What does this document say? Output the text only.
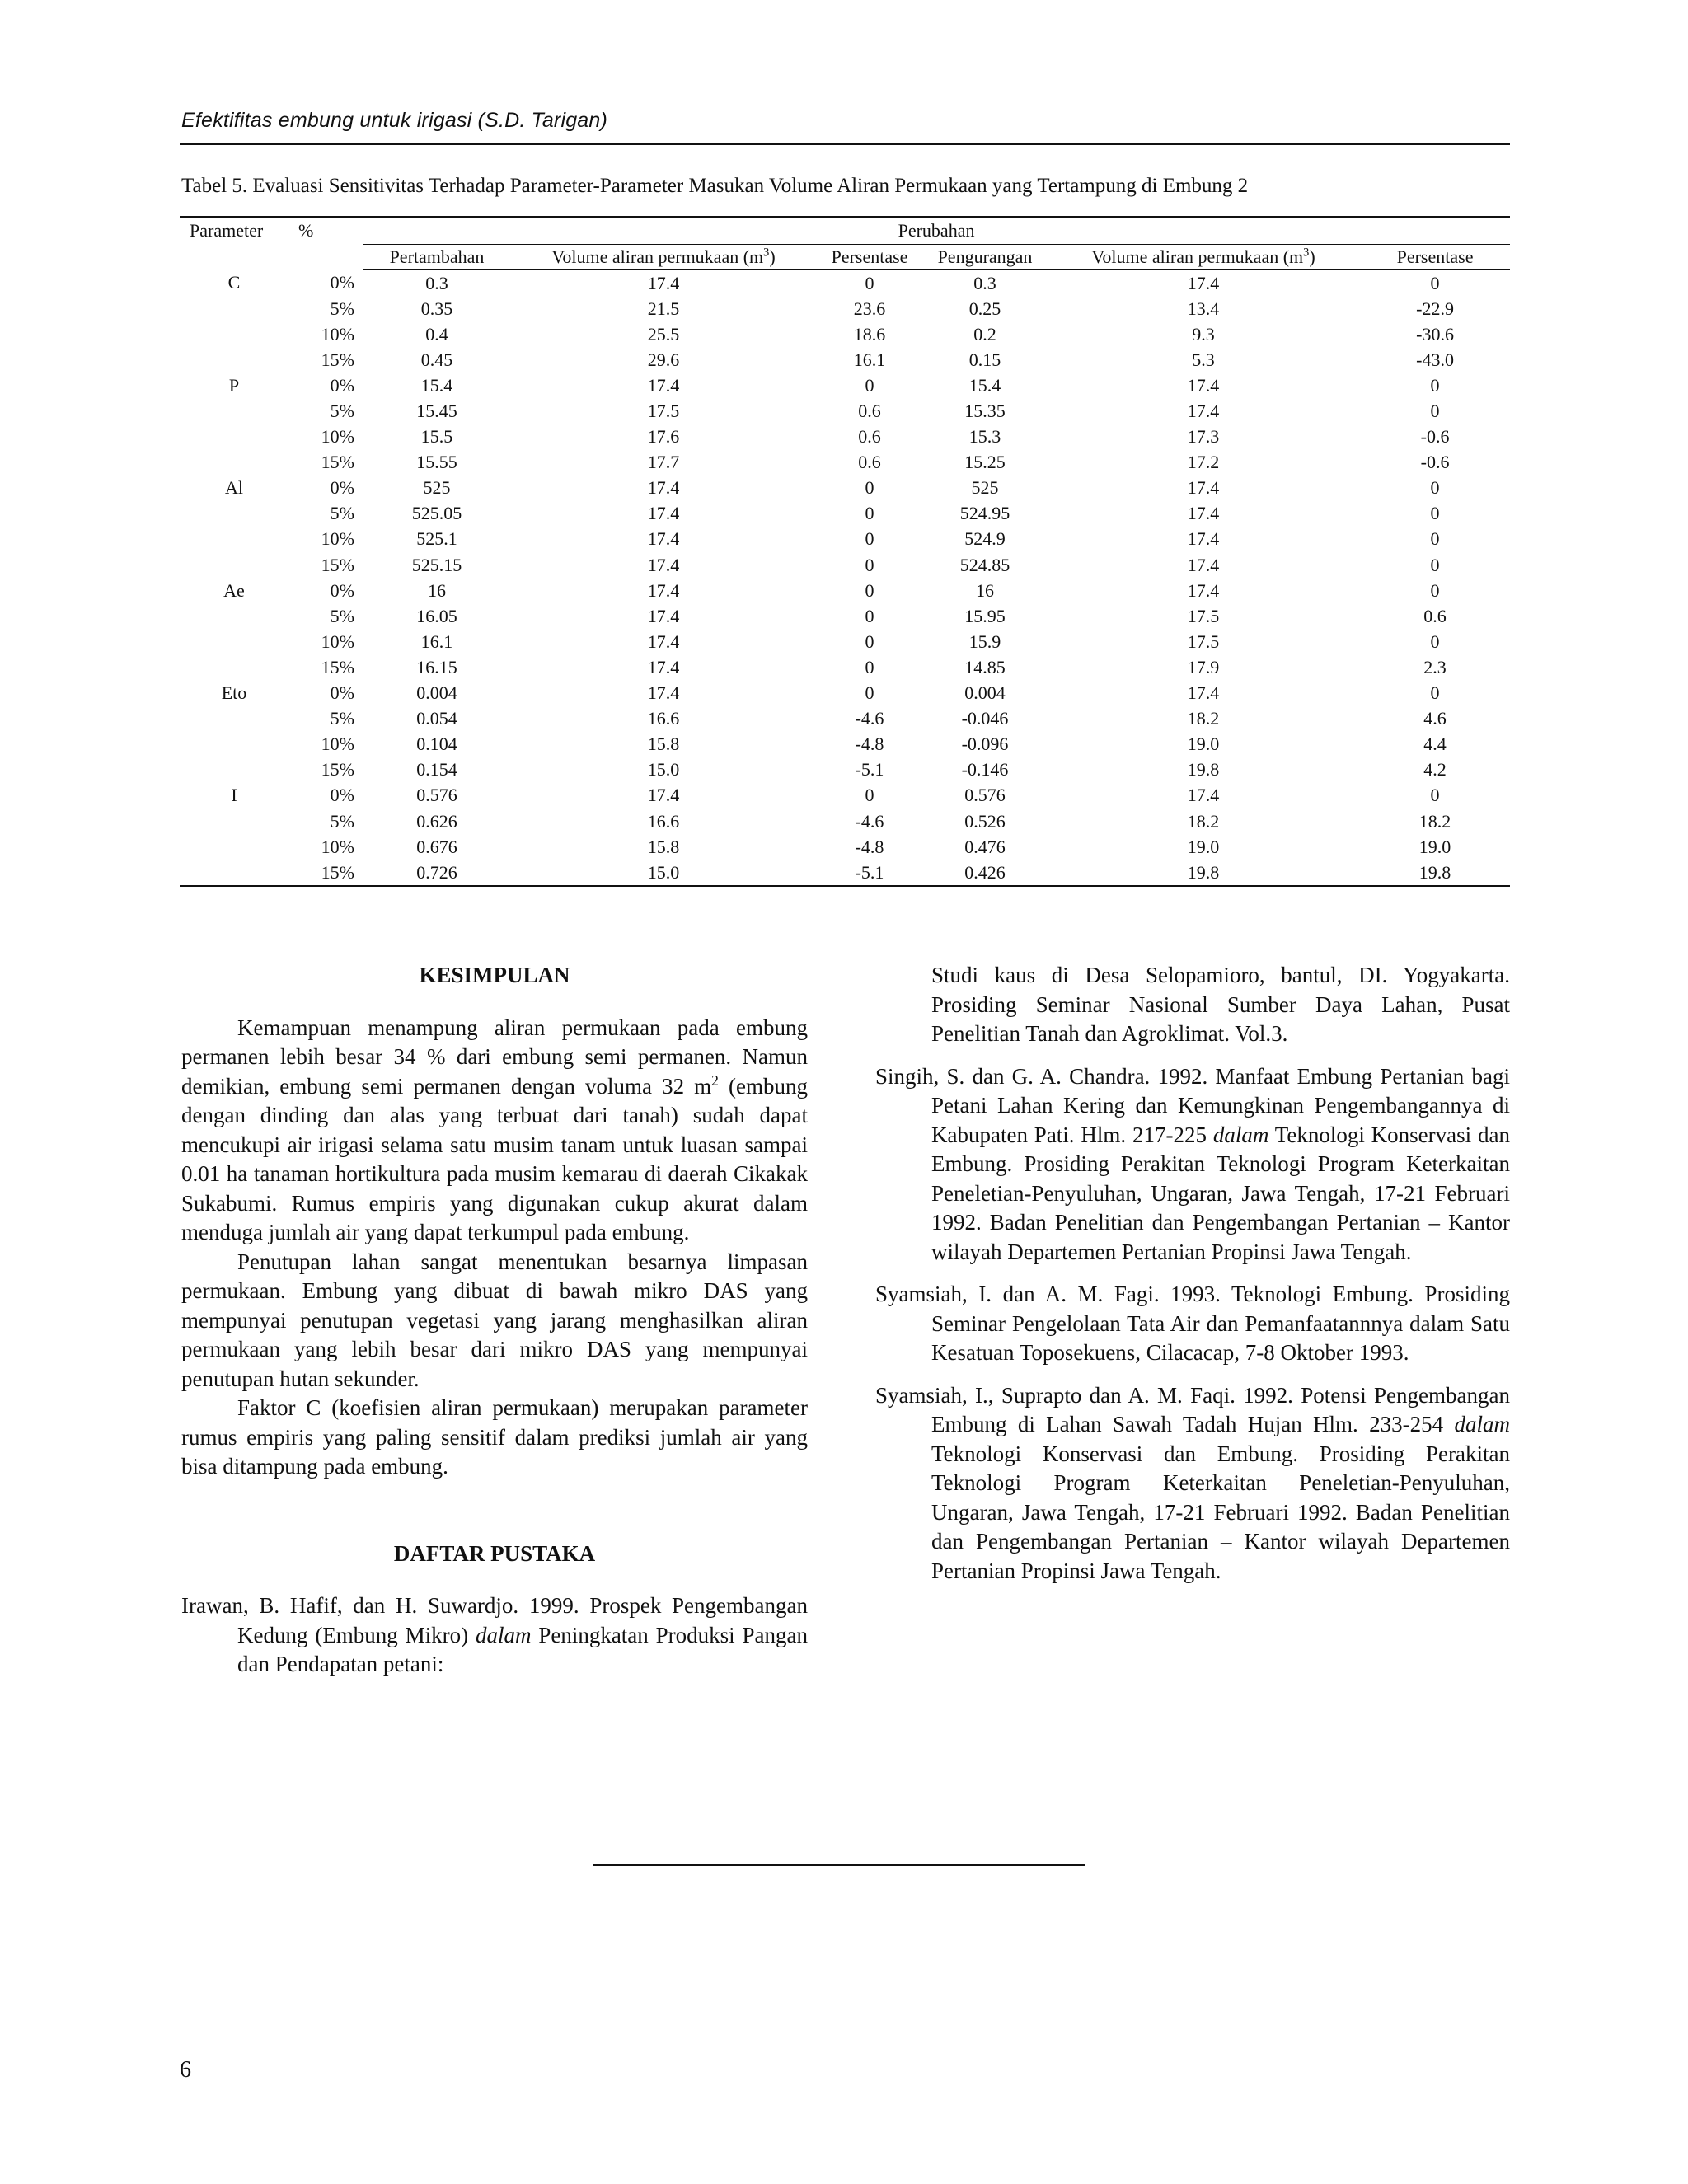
Efektifitas embung untuk irigasi (S.D. Tarigan)
Tabel 5. Evaluasi Sensitivitas Terhadap Parameter-Parameter Masukan Volume Aliran Permukaan yang Tertampung di Embung 2
Parameter	%	Perubahan					
		Pertambahan	Volume aliran permukaan $(m^3)$	Persentase	Pengurangan	Volume aliran permukaan $(m^3)$	Persentase
C	0%	0.3	17.4	0	0.3	17.4	0
	5%	0.35	21.5	23.6	0.25	13.4	-22.9
	10%	0.4	25.5	18.6	0.2	9.3	-30.6
	15%	0.45	29.6	16.1	0.15	5.3	-43.0
P	0%	15.4	17.4	0	15.4	17.4	0
	5%	15.45	17.5	0.6	15.35	17.4	0
	10%	15.5	17.6	0.6	15.3	17.3	-0.6
	15%	15.55	17.7	0.6	15.25	17.2	-0.6
Al	0%	525	17.4	0	525	17.4	0
	5%	525.05	17.4	0	524.95	17.4	0
	10%	525.1	17.4	0	524.9	17.4	0
	15%	525.15	17.4	0	524.85	17.4	0
Ae	0%	16	17.4	0	16	17.4	0
	5%	16.05	17.4	0	15.95	17.5	0.6
	10%	16.1	17.4	0	15.9	17.5	0
	15%	16.15	17.4	0	14.85	17.9	2.3
Eto	0%	0.004	17.4	0	0.004	17.4	0
	5%	0.054	16.6	-4.6	-0.046	18.2	4.6
	10%	0.104	15.8	-4.8	-0.096	19.0	4.4
	15%	0.154	15.0	-5.1	-0.146	19.8	4.2
I	0%	0.576	17.4	0	0.576	17.4	0
	5%	0.626	16.6	-4.6	0.526	18.2	18.2
	10%	0.676	15.8	-4.8	0.476	19.0	19.0
	15%	0.726	15.0	-5.1	0.426	19.8	19.8
KESIMPULAN

Kemampuan menampung aliran permukaan pada embung permanen lebih besar 34 % dari embung semi permanen. Namun demikian, embung semi permanen dengan voluma 32 $m^2$ (embung dengan dinding dan alas yang terbuat dari tanah) sudah dapat mencukupi air irigasi selama satu musim tanam untuk luasan sampai 0.01 ha tanaman hortikultura pada musim kemarau di daerah Cikakak Sukabumi. Rumus empiris yang digunakan cukup akurat dalam menduga jumlah air yang dapat terkumpul pada embung.

Penutupan lahan sangat menentukan besarnya limpasan permukaan. Embung yang dibuat di bawah mikro DAS yang mempunyai penutupan vegetasi yang jarang menghasilkan aliran permukaan yang lebih besar dari mikro DAS yang mempunyai penutupan hutan sekunder.

Faktor C (koefisien aliran permukaan) merupakan parameter rumus empiris yang paling sensitif dalam prediksi jumlah air yang bisa ditampung pada embung.

DAFTAR PUSTAKA

Irawan, B. Hafif, dan H. Suwardjo. 1999. Prospek Pengembangan Kedung (Embung Mikro) dalam Peningkatan Produksi Pangan dan Pendapatan petani:

Studi kaus di Desa Selopamioro, bantul, DI. Yogyakarta. Prosiding Seminar Nasional Sumber Daya Lahan, Pusat Penelitian Tanah dan Agroklimat. Vol.3.

Singih, S. dan G. A. Chandra. 1992. Manfaat Embung Pertanian bagi Petani Lahan Kering dan Kemungkinan Pengembangannya di Kabupaten Pati. Hlm. 217-225 dalam Teknologi Konservasi dan Embung. Prosiding Perakitan Teknologi Program Keterkaitan Peneletian-Penyuluhan, Ungaran, Jawa Tengah, 17-21 Februari 1992. Badan Penelitian dan Pengembangan Pertanian – Kantor wilayah Departemen Pertanian Propinsi Jawa Tengah.

Syamsiah, I. dan A. M. Fagi. 1993. Teknologi Embung. Prosiding Seminar Pengelolaan Tata Air dan Pemanfaatannnya dalam Satu Kesatuan Toposekuens, Cilacacap, 7-8 Oktober 1993.

Syamsiah, I., Suprapto dan A. M. Faqi. 1992. Potensi Pengembangan Embung di Lahan Sawah Tadah Hujan Hlm. 233-254 dalam Teknologi Konservasi dan Embung. Prosiding Perakitan Teknologi Program Keterkaitan Peneletian-Penyuluhan, Ungaran, Jawa Tengah, 17-21 Februari 1992. Badan Penelitian dan Pengembangan Pertanian – Kantor wilayah Departemen Pertanian Propinsi Jawa Tengah.

6
